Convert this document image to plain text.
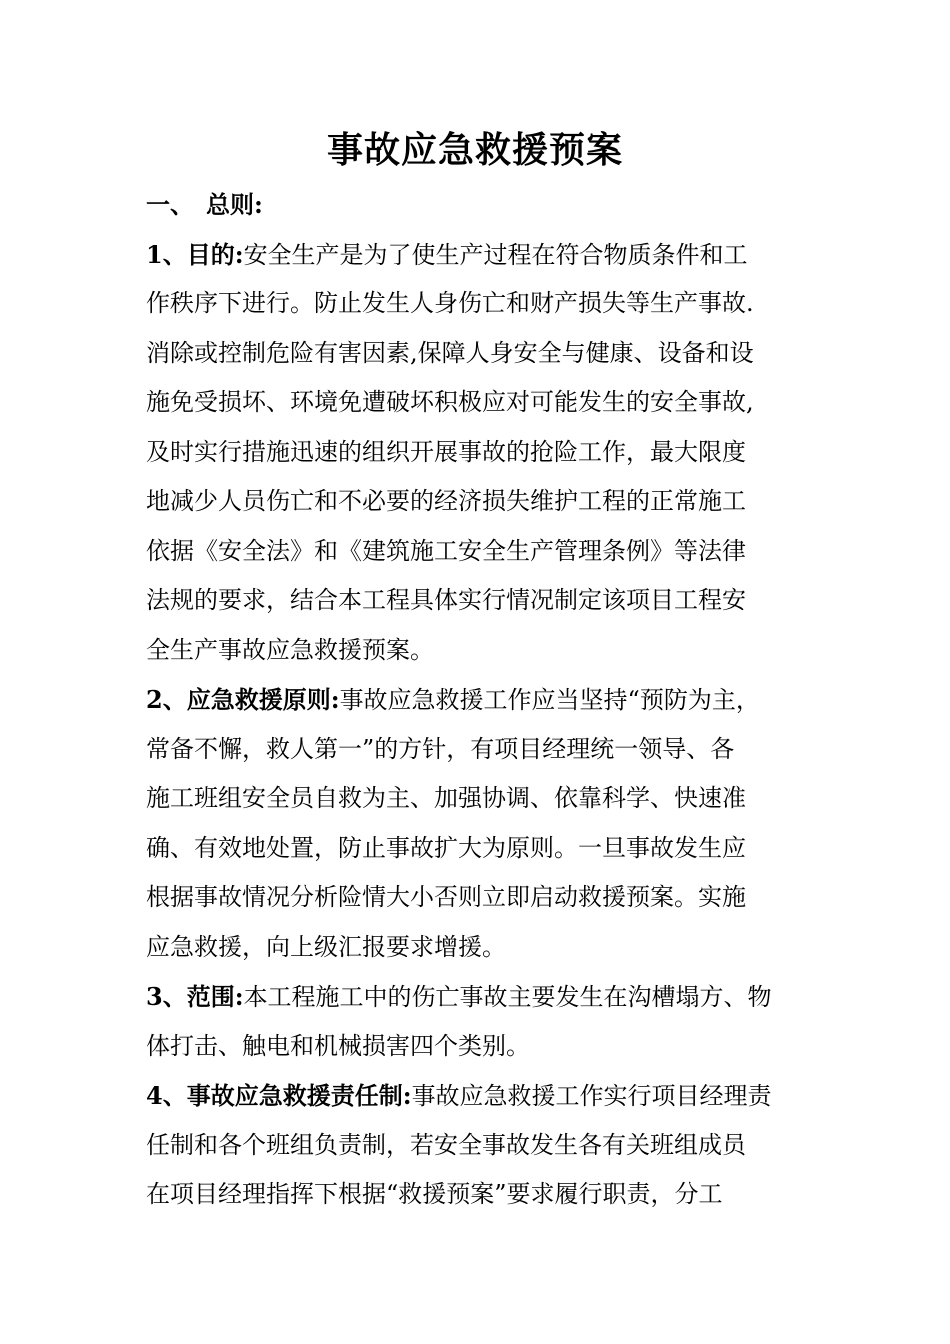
事故应急救援预案
一、 总则:
1、目的:安全生产是为了使生产过程在符合物质条件和工
作秩序下进行。防止发生人身伤亡和财产损失等生产事故.
消除或控制危险有害因素,保障人身安全与健康、设备和设
施免受损坏、环境免遭破坏积极应对可能发生的安全事故,
及时实行措施迅速的组织开展事故的抢险工作，最大限度
地减少人员伤亡和不必要的经济损失维护工程的正常施工
依据《安全法》和《建筑施工安全生产管理条例》等法律
法规的要求，结合本工程具体实行情况制定该项目工程安
全生产事故应急救援预案。
2、应急救援原则:事故应急救援工作应当坚持“预防为主，
常备不懈，救人第一”的方针，有项目经理统一领导、各
施工班组安全员自救为主、加强协调、依靠科学、快速准
确、有效地处置，防止事故扩大为原则。一旦事故发生应
根据事故情况分析险情大小否则立即启动救援预案。实施
应急救援，向上级汇报要求增援。
3、范围:本工程施工中的伤亡事故主要发生在沟槽塌方、物
体打击、触电和机械损害四个类别。
4、事故应急救援责任制:事故应急救援工作实行项目经理责
任制和各个班组负责制，若安全事故发生各有关班组成员
在项目经理指挥下根据“救援预案”要求履行职责，分工
